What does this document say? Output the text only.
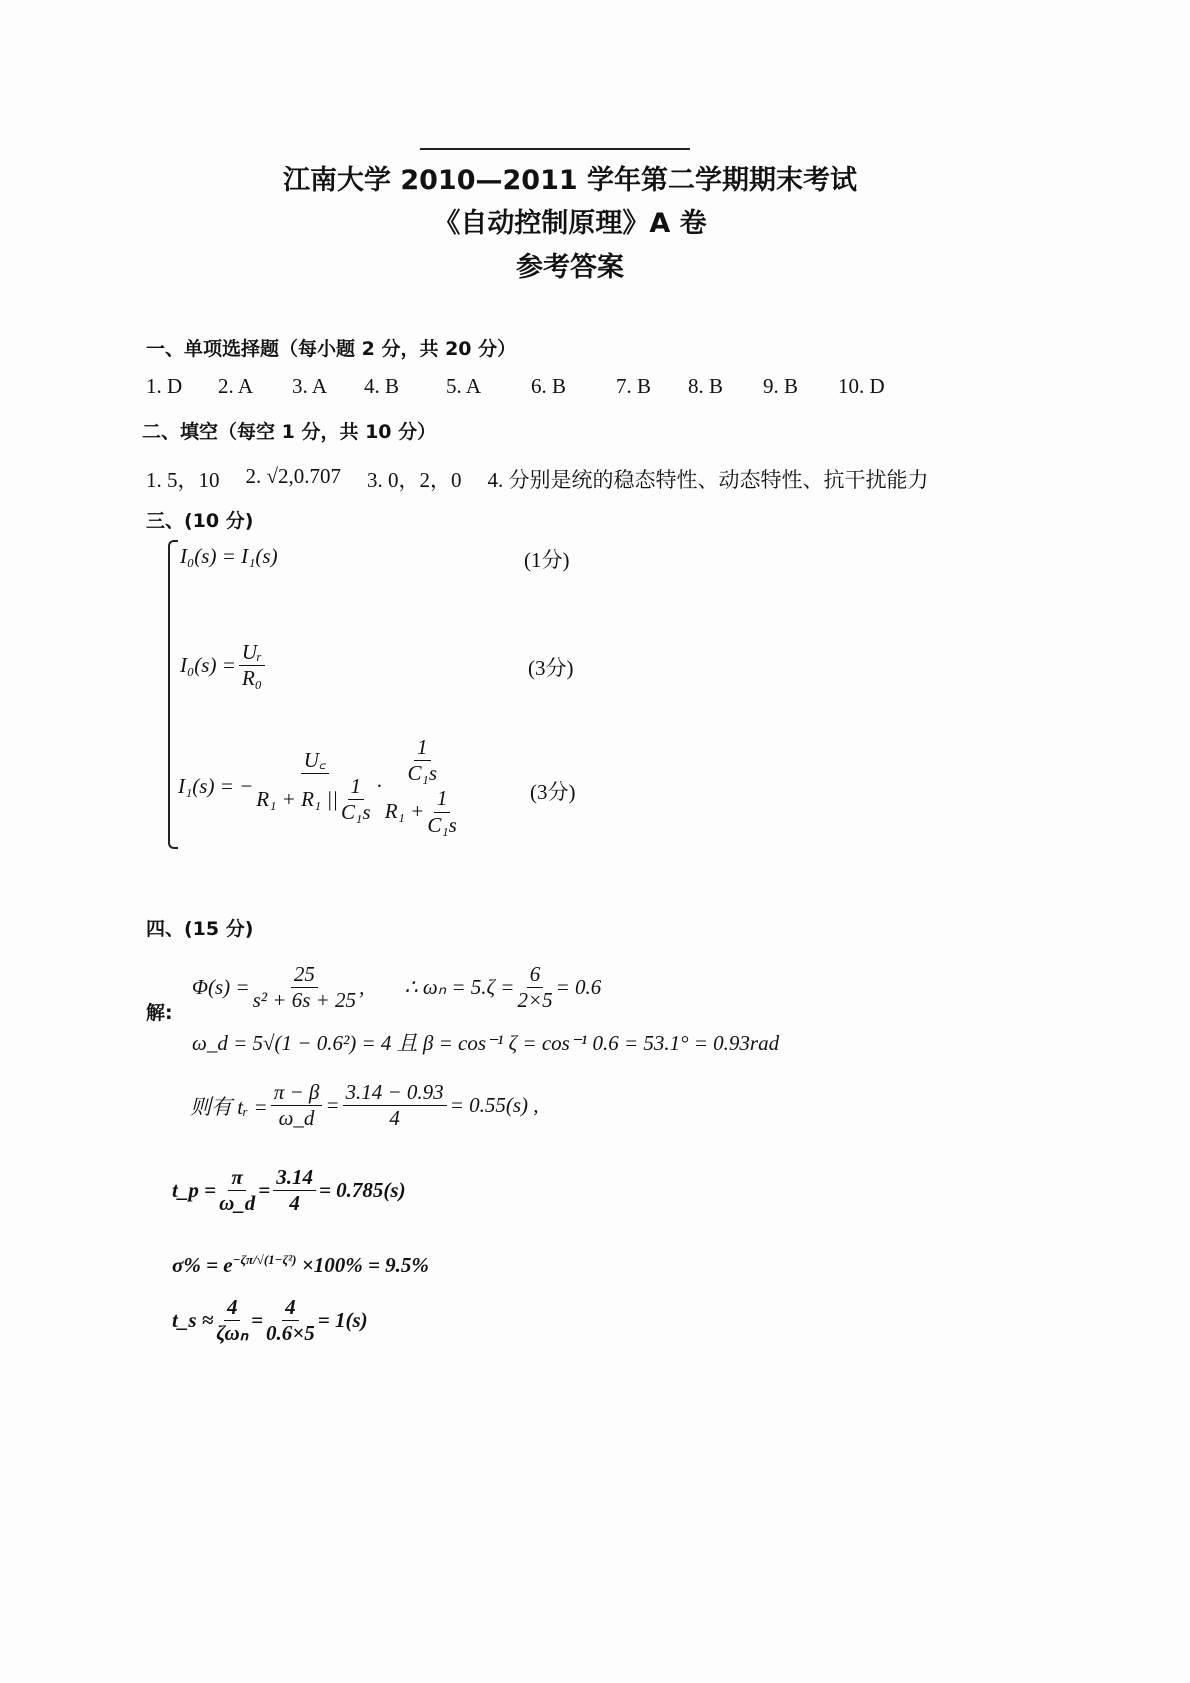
江南大学 2010—2011 学年第二学期期末考试
《自动控制原理》A 卷
参考答案
一、单项选择题（每小题 2 分，共 20 分）
1. D	2. A	3. A	4. B	5. A	6. B	7. B	8. B	9. B	10. D
二、填空（每空 1 分，共 10 分）
1. 5，10 2. √2,0.707 3. 0，2，0 4. 分别是统的稳态特性、动态特性、抗干扰能力
三、(10 分)
I₀(s) = I₁(s)	(1分)
$I_0(s) = \frac{\text{Uᵣ}}{\text{R₀}}$	(3分)
I₁(s) = − $\frac{U꜀}{R_1 + R_1 || \frac{1}{\text{C₁s}}} \cdot \frac{1}{\text{C₁s}}$
$R_1 + \frac{1}{\text{C₁s}}$	(3分)
四、(15 分)
解:
$\Phi(s) = \frac{25}{\text{s² + 6s + 25}}$ , ∴ $\omega_n = 5.\zeta = \frac{6}{2\times 5} = 0.6$
ω_d = 5√(1 − 0.6²) = 4 且 β = cos⁻¹ ζ = cos⁻¹ 0.6 = 53.1° = 0.93rad
则有 tᵣ = $\frac{\pi - \beta}{\omega\_d} = \frac{3.14 - 0.93}{4} = 0.55(s)$ ,
t_p = $\frac{\pi}{\omega\_d} = \frac{3.14}{4} = 0.785(s)$
$\sigma\% = e^{-\zeta\pi/√(1-\zeta^2)} \times 100\% = 9.5\%$
t_s ≈ $\frac{4}{\text{ζωₙ}} = \frac{4}{0.6\times 5} = 1(s)$
